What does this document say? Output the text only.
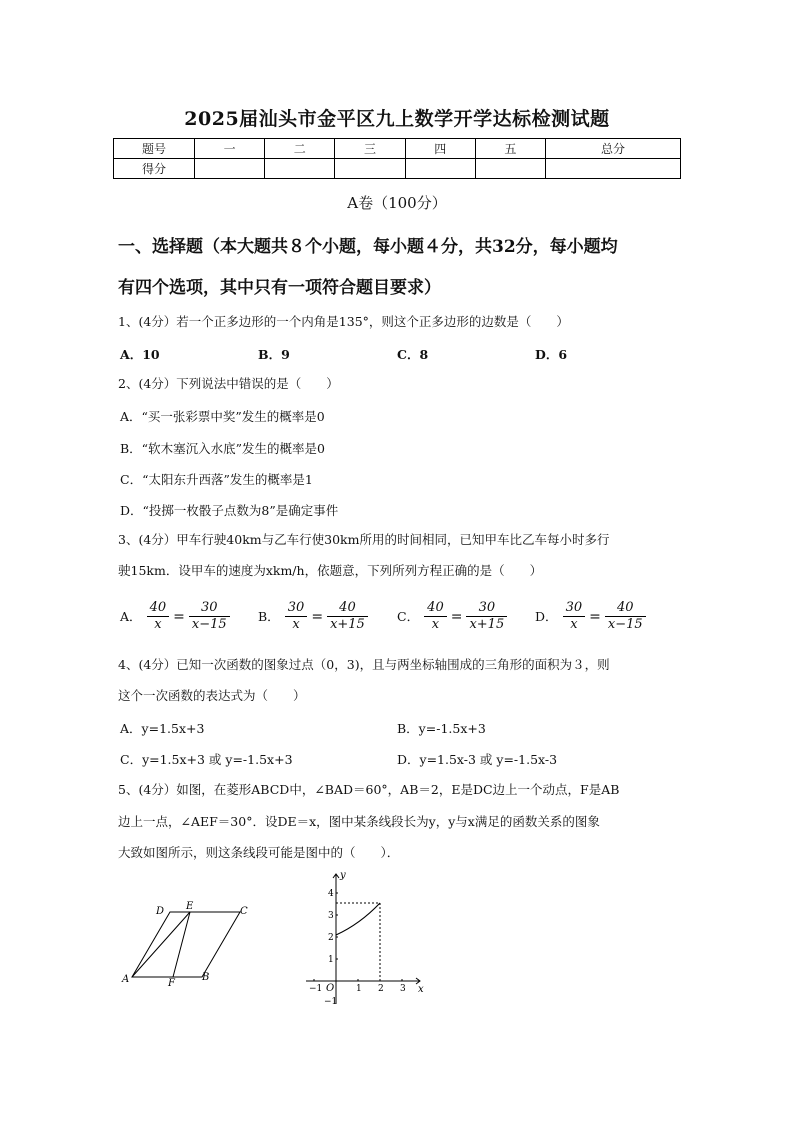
2025届汕头市金平区九上数学开学达标检测试题
题号	一	二	三	四	五	总分
得分						
A卷（100分）
一、选择题（本大题共８个小题，每小题４分，共32分，每小题均
有四个选项，其中只有一项符合题目要求）
1、(4分）若一个正多边形的一个内角是135°，则这个正多边形的边数是（　　）
A．10	B．9	C．8	D．6
2、(4分）下列说法中错误的是（　　）
A．“买一张彩票中奖”发生的概率是0
B．“软木塞沉入水底”发生的概率是0
C．“太阳东升西落”发生的概率是1
D．“投掷一枚骰子点数为8”是确定事件
3、(4分）甲车行驶40km与乙车行使30km所用的时间相同，已知甲车比乙车每小时多行
驶15km．设甲车的速度为xkm/h，依题意，下列所列方程正确的是（　　）
A． $\frac{40}{x} = \frac{30}{x-15}$ B． $\frac{30}{x} = \frac{40}{x+15}$ C． $\frac{40}{x} = \frac{30}{x+15}$ D． $\frac{30}{x} = \frac{40}{x-15}$
4、(4分）已知一次函数的图象过点（0，3)，且与两坐标轴围成的三角形的面积为３，则
这个一次函数的表达式为（　　）
A．y=1.5x+3	B．y=-1.5x+3
C．y=1.5x+3 或 y=-1.5x+3	D．y=1.5x-3 或 y=-1.5x-3
5、(4分）如图，在菱形ABCD中，∠BAD＝60°，AB＝2，E是DC边上一个动点，F是AB
边上一点，∠AEF＝30°．设DE＝x，图中某条线段长为y，y与x满足的函数关系的图象
大致如图所示，则这条线段可能是图中的（　　）．
D E	C
A	F
B
y
x
O
−1	1 2 3
4
3
2
1
−1
